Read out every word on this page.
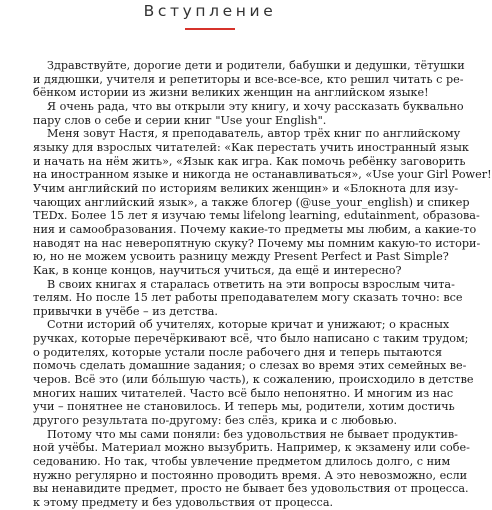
Вступление
Здравствуйте, дорогие дети и родители, бабушки и дедушки, тётушки
и дядюшки, учителя и репетиторы и все-все-все, кто решил читать с ре-
бёнком истории из жизни великих женщин на английском языке!
Я очень рада, что вы открыли эту книгу, и хочу рассказать буквально
пару слов о себе и серии книг "Use your English".
Меня зовут Настя, я преподаватель, автор трёх книг по английскому
языку для взрослых читателей: «Как перестать учить иностранный язык
и начать на нём жить», «Язык как игра. Как помочь ребёнку заговорить
на иностранном языке и никогда не останавливаться», «Use your Girl Power!
Учим английский по историям великих женщин» и «Блокнота для изу-
чающих английский язык», а также блогер (@use_your_english) и спикер
TEDx. Более 15 лет я изучаю темы lifelong learning, edutainment, образова-
ния и самообразования. Почему какие-то предметы мы любим, а какие-то
наводят на нас неверопятную скуку? Почему мы помним какую-то истори-
ю, но не можем усвоить разницу между Present Perfect и Past Simple?
Как, в конце концов, научиться учиться, да ещё и интересно?
В своих книгах я старалась ответить на эти вопросы взрослым чита-
телям. Но после 15 лет работы преподавателем могу сказать точно: все
привычки в учёбе – из детства.
Сотни историй об учителях, которые кричат и унижают; о красных
ручках, которые перечёркивают всё, что было написано с таким трудом;
о родителях, которые устали после рабочего дня и теперь пытаются
помочь сделать домашние задания; о слезах во время этих семейных ве-
черов. Всё это (или бо́льшую часть), к сожалению, происходило в детстве
многих наших читателей. Часто всё было непонятно. И многим из нас
учи – понятнее не становилось. И теперь мы, родители, хотим достичь
другого результата по-другому: без слёз, крика и с любовью.
Потому что мы сами поняли: без удовольствия не бывает продуктив-
ной учёбы. Материал можно вызубрить. Например, к экзамену или собе-
седованию. Но так, чтобы увлечение предметом длилось долго, с ним
нужно регулярно и постоянно проводить время. А это невозможно, если
вы ненавидите предмет, просто не бывает без удовольствия от процесса.
к этому предмету и без удовольствия от процесса.
